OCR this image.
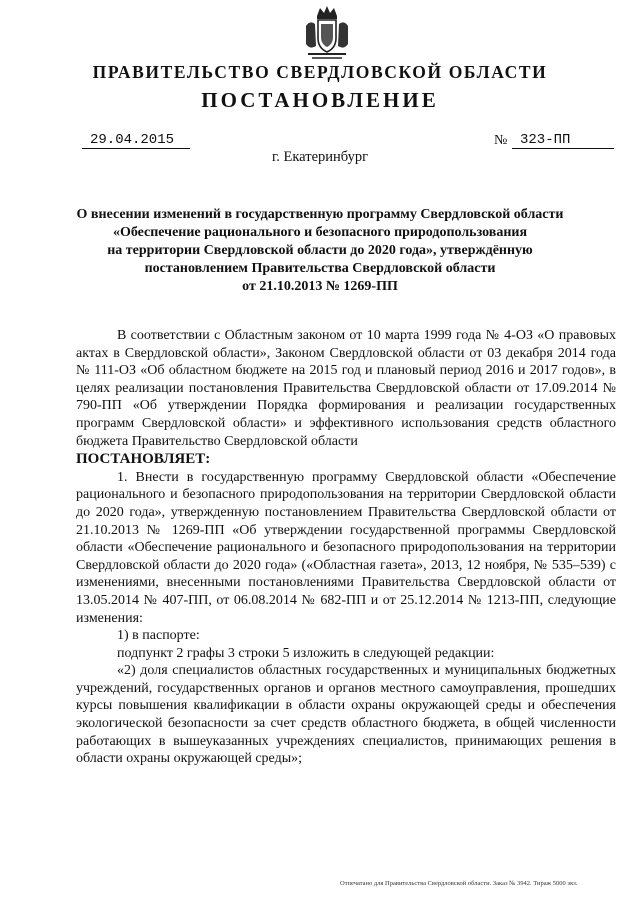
ПРАВИТЕЛЬСТВО СВЕРДЛОВСКОЙ ОБЛАСТИ
ПОСТАНОВЛЕНИЕ
29.04.2015	№ 323-ПП
г. Екатеринбург
О внесении изменений в государственную программу Свердловской области
«Обеспечение рационального и безопасного природопользования
на территории Свердловской области до 2020 года», утверждённую
постановлением Правительства Свердловской области
от 21.10.2013 № 1269-ПП
В соответствии с Областным законом от 10 марта 1999 года № 4-ОЗ «О правовых актах в Свердловской области», Законом Свердловской области от 03 декабря 2014 года № 111-ОЗ «Об областном бюджете на 2015 год и плановый период 2016 и 2017 годов», в целях реализации постановления Правительства Свердловской области от 17.09.2014 № 790-ПП «Об утверждении Порядка формирования и реализации государственных программ Свердловской области» и эффективного использования средств областного бюджета Правительство Свердловской области
ПОСТАНОВЛЯЕТ:
1. Внести в государственную программу Свердловской области «Обеспечение рационального и безопасного природопользования на территории Свердловской области до 2020 года», утвержденную постановлением Правительства Свердловской области от 21.10.2013 № 1269-ПП «Об утверждении государственной программы Свердловской области «Обеспечение рационального и безопасного природопользования на территории Свердловской области до 2020 года» («Областная газета», 2013, 12 ноября, № 535–539) с изменениями, внесенными постановлениями Правительства Свердловской области от 13.05.2014 № 407-ПП, от 06.08.2014 № 682-ПП и от 25.12.2014 № 1213-ПП, следующие изменения:
1) в паспорте:
подпункт 2 графы 3 строки 5 изложить в следующей редакции:
«2) доля специалистов областных государственных и муниципальных бюджетных учреждений, государственных органов и органов местного самоуправления, прошедших курсы повышения квалификации в области охраны окружающей среды и обеспечения экологической безопасности за счет средств областного бюджета, в общей численности работающих в вышеуказанных учреждениях специалистов, принимающих решения в области охраны окружающей среды»;
Отпечатано для Правительства Свердловской области. Заказ № 3942. Тираж 5000 экз.
